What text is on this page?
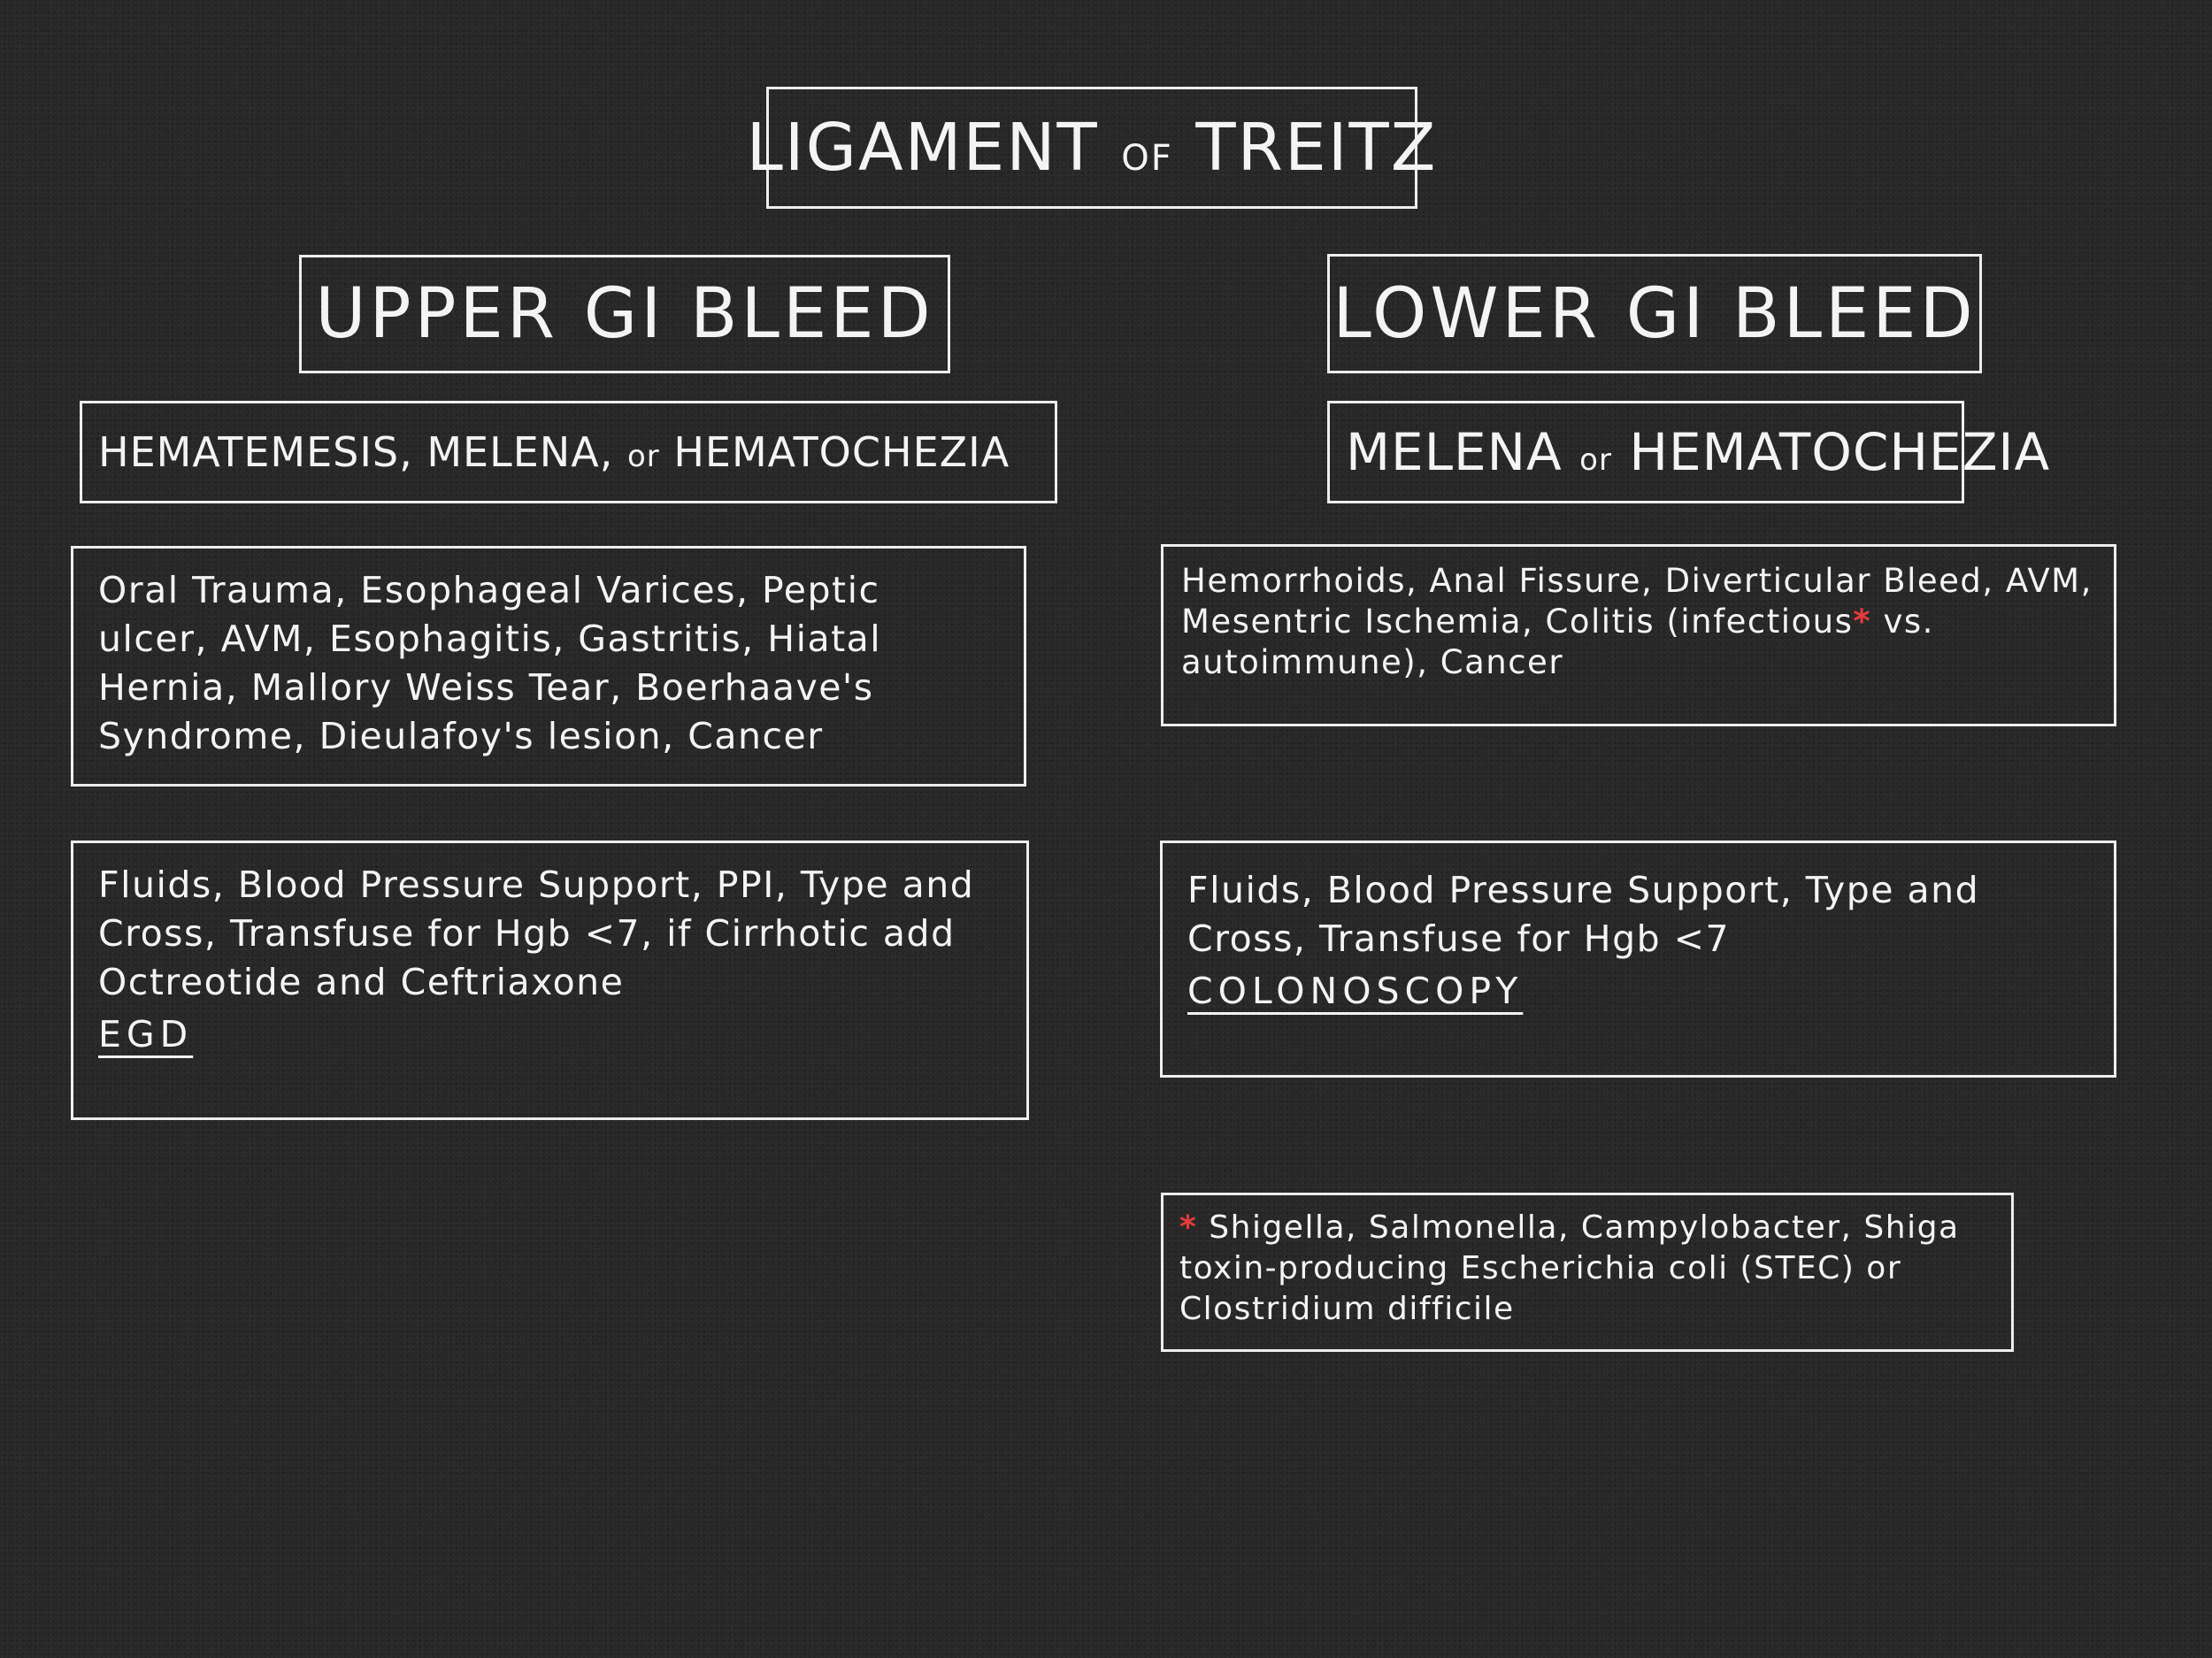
LIGAMENT OF TREITZ
UPPER GI BLEED	LOWER GI BLEED
HEMATEMESIS, MELENA, or HEMATOCHEZIA	MELENA or HEMATOCHEZIA
Oral Trauma, Esophageal Varices, Peptic ulcer, AVM, Esophagitis, Gastritis, Hiatal Hernia, Mallory Weiss Tear, Boerhaave's Syndrome, Dieulafoy's lesion, Cancer
Hemorrhoids, Anal Fissure, Diverticular Bleed, AVM, Mesentric Ischemia, Colitis (infectious* vs. autoimmune), Cancer
Fluids, Blood Pressure Support, PPI, Type and Cross, Transfuse for Hgb <7, if Cirrhotic add Octreotide and Ceftriaxone
EGD
Fluids, Blood Pressure Support, Type and Cross, Transfuse for Hgb <7
COLONOSCOPY
* Shigella, Salmonella, Campylobacter, Shiga toxin-producing Escherichia coli (STEC) or Clostridium difficile
